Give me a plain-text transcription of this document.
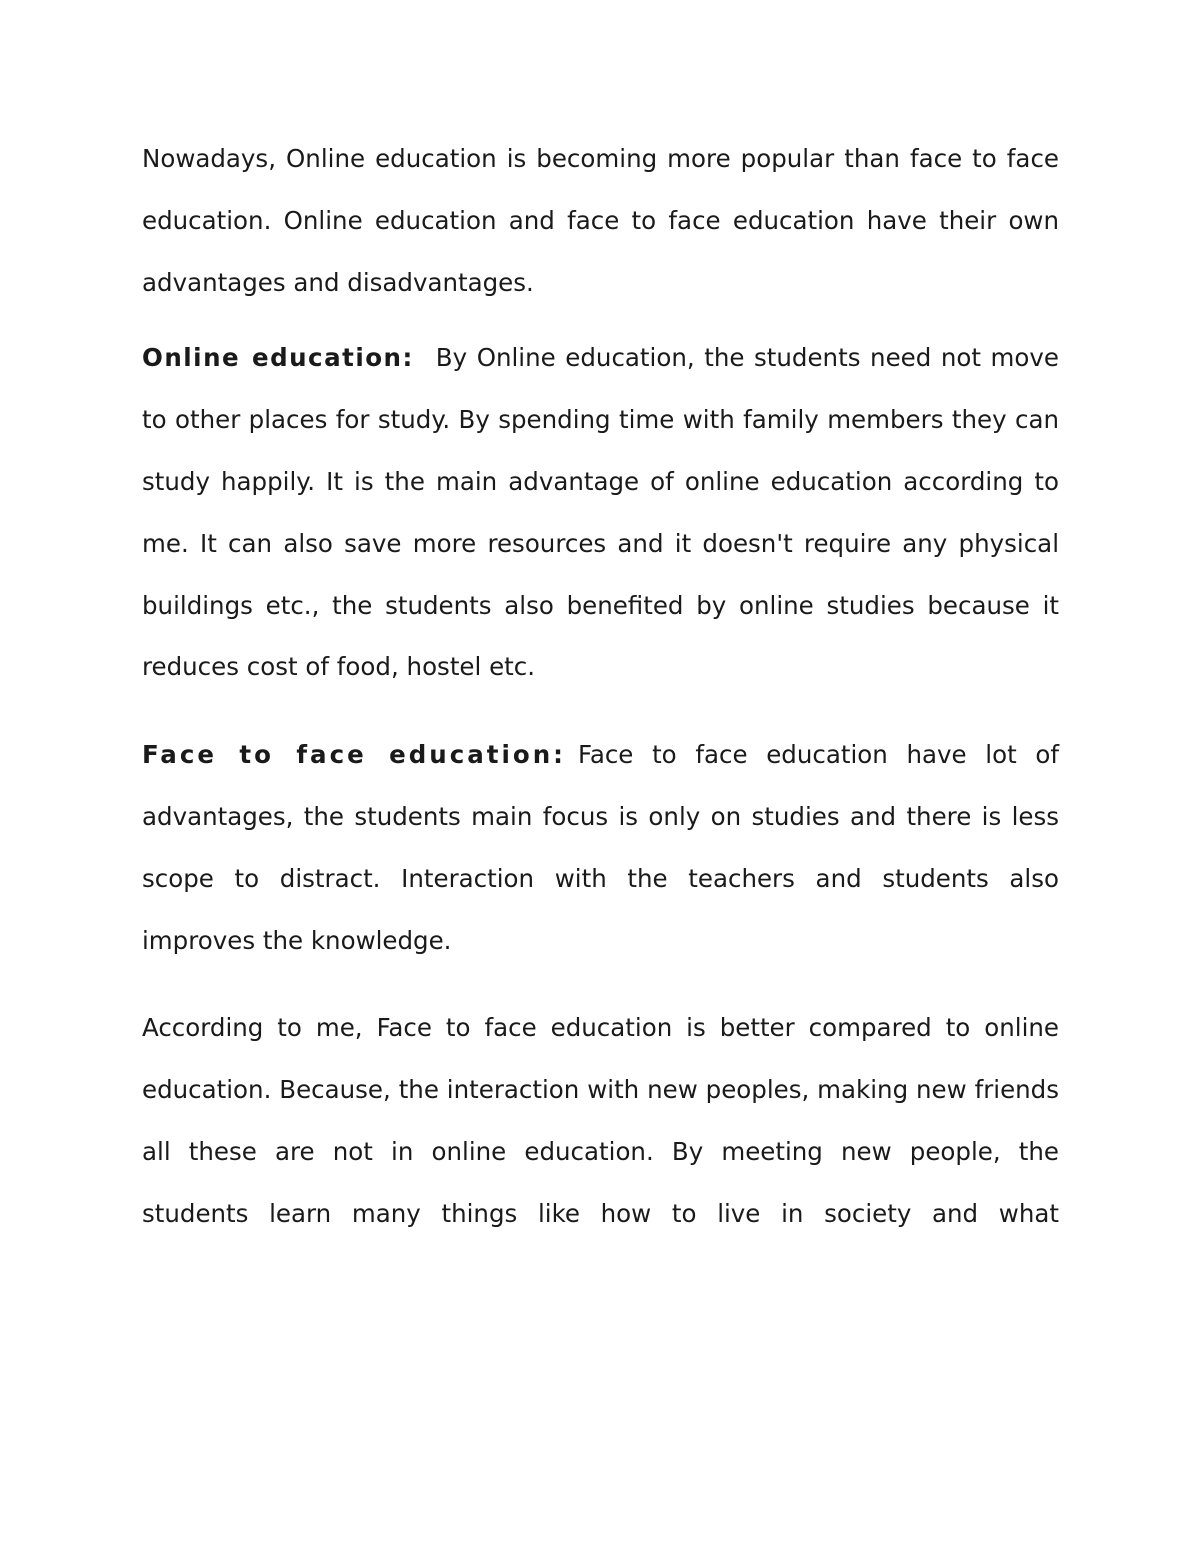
Nowadays, Online education is becoming more popular than face to face education. Online education and face to face education have their own advantages and disadvantages.

Online education: By Online education, the students need not move to other places for study. By spending time with family members they can study happily. It is the main advantage of online education according to me. It can also save more resources and it doesn't require any physical buildings etc., the students also benefited by online studies because it reduces cost of food, hostel etc.

Face to face education: Face to face education have lot of advantages, the students main focus is only on studies and there is less scope to distract. Interaction with the teachers and students also improves the knowledge.

According to me, Face to face education is better compared to online education. Because, the interaction with new peoples, making new friends all these are not in online education. By meeting new people, the students learn many things like how to live in society and what
